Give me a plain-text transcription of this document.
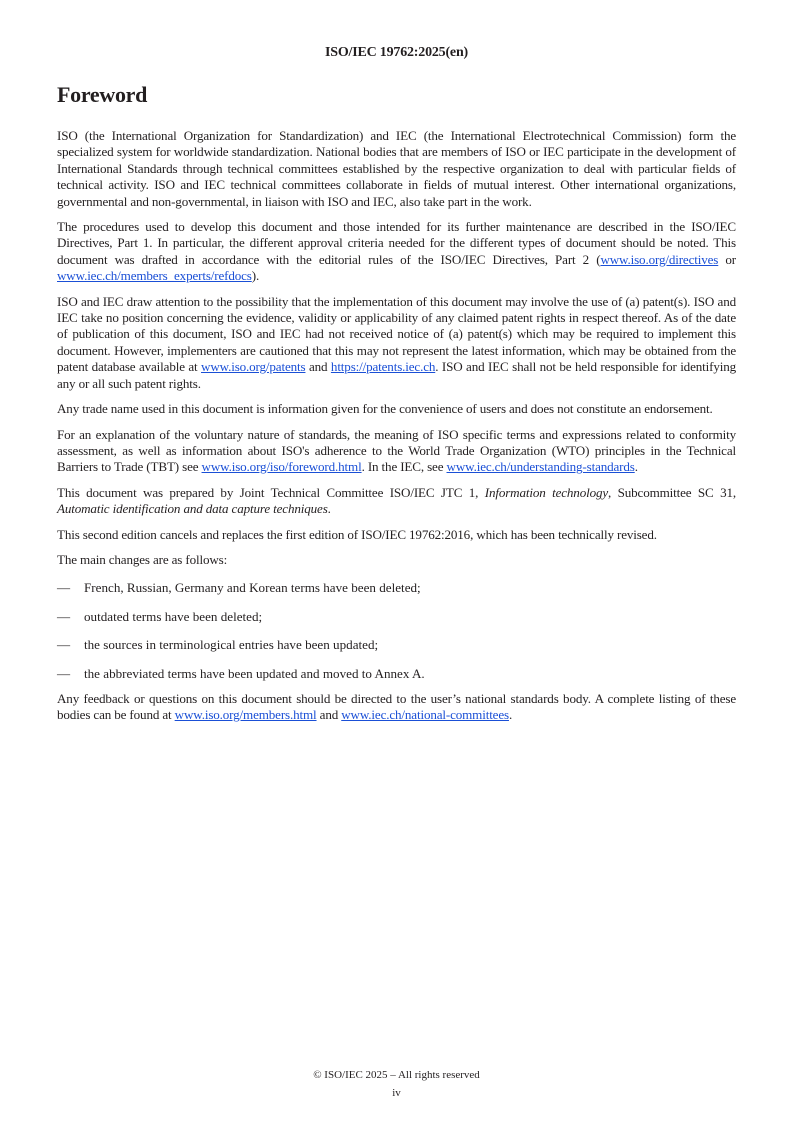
ISO/IEC 19762:2025(en)
Foreword

ISO (the International Organization for Standardization) and IEC (the International Electrotechnical Commission) form the specialized system for worldwide standardization. National bodies that are members of ISO or IEC participate in the development of International Standards through technical committees established by the respective organization to deal with particular fields of technical activity. ISO and IEC technical committees collaborate in fields of mutual interest. Other international organizations, governmental and non-governmental, in liaison with ISO and IEC, also take part in the work.

The procedures used to develop this document and those intended for its further maintenance are described in the ISO/IEC Directives, Part 1. In particular, the different approval criteria needed for the different types of document should be noted. This document was drafted in accordance with the editorial rules of the ISO/IEC Directives, Part 2 (www.iso.org/directives or www.iec.ch/members_experts/refdocs).

ISO and IEC draw attention to the possibility that the implementation of this document may involve the use of (a) patent(s). ISO and IEC take no position concerning the evidence, validity or applicability of any claimed patent rights in respect thereof. As of the date of publication of this document, ISO and IEC had not received notice of (a) patent(s) which may be required to implement this document. However, implementers are cautioned that this may not represent the latest information, which may be obtained from the patent database available at www.iso.org/patents and https://patents.iec.ch. ISO and IEC shall not be held responsible for identifying any or all such patent rights.

Any trade name used in this document is information given for the convenience of users and does not constitute an endorsement.

For an explanation of the voluntary nature of standards, the meaning of ISO specific terms and expressions related to conformity assessment, as well as information about ISO's adherence to the World Trade Organization (WTO) principles in the Technical Barriers to Trade (TBT) see www.iso.org/iso/foreword.html. In the IEC, see www.iec.ch/understanding-standards.

This document was prepared by Joint Technical Committee ISO/IEC JTC 1, Information technology, Subcommittee SC 31, Automatic identification and data capture techniques.

This second edition cancels and replaces the first edition of ISO/IEC 19762:2016, which has been technically revised.

The main changes are as follows:

—	French, Russian, Germany and Korean terms have been deleted;
—	outdated terms have been deleted;
—	the sources in terminological entries have been updated;
—	the abbreviated terms have been updated and moved to Annex A.

Any feedback or questions on this document should be directed to the user’s national standards body. A complete listing of these bodies can be found at www.iso.org/members.html and www.iec.ch/national-committees.

© ISO/IEC 2025 – All rights reserved
iv
